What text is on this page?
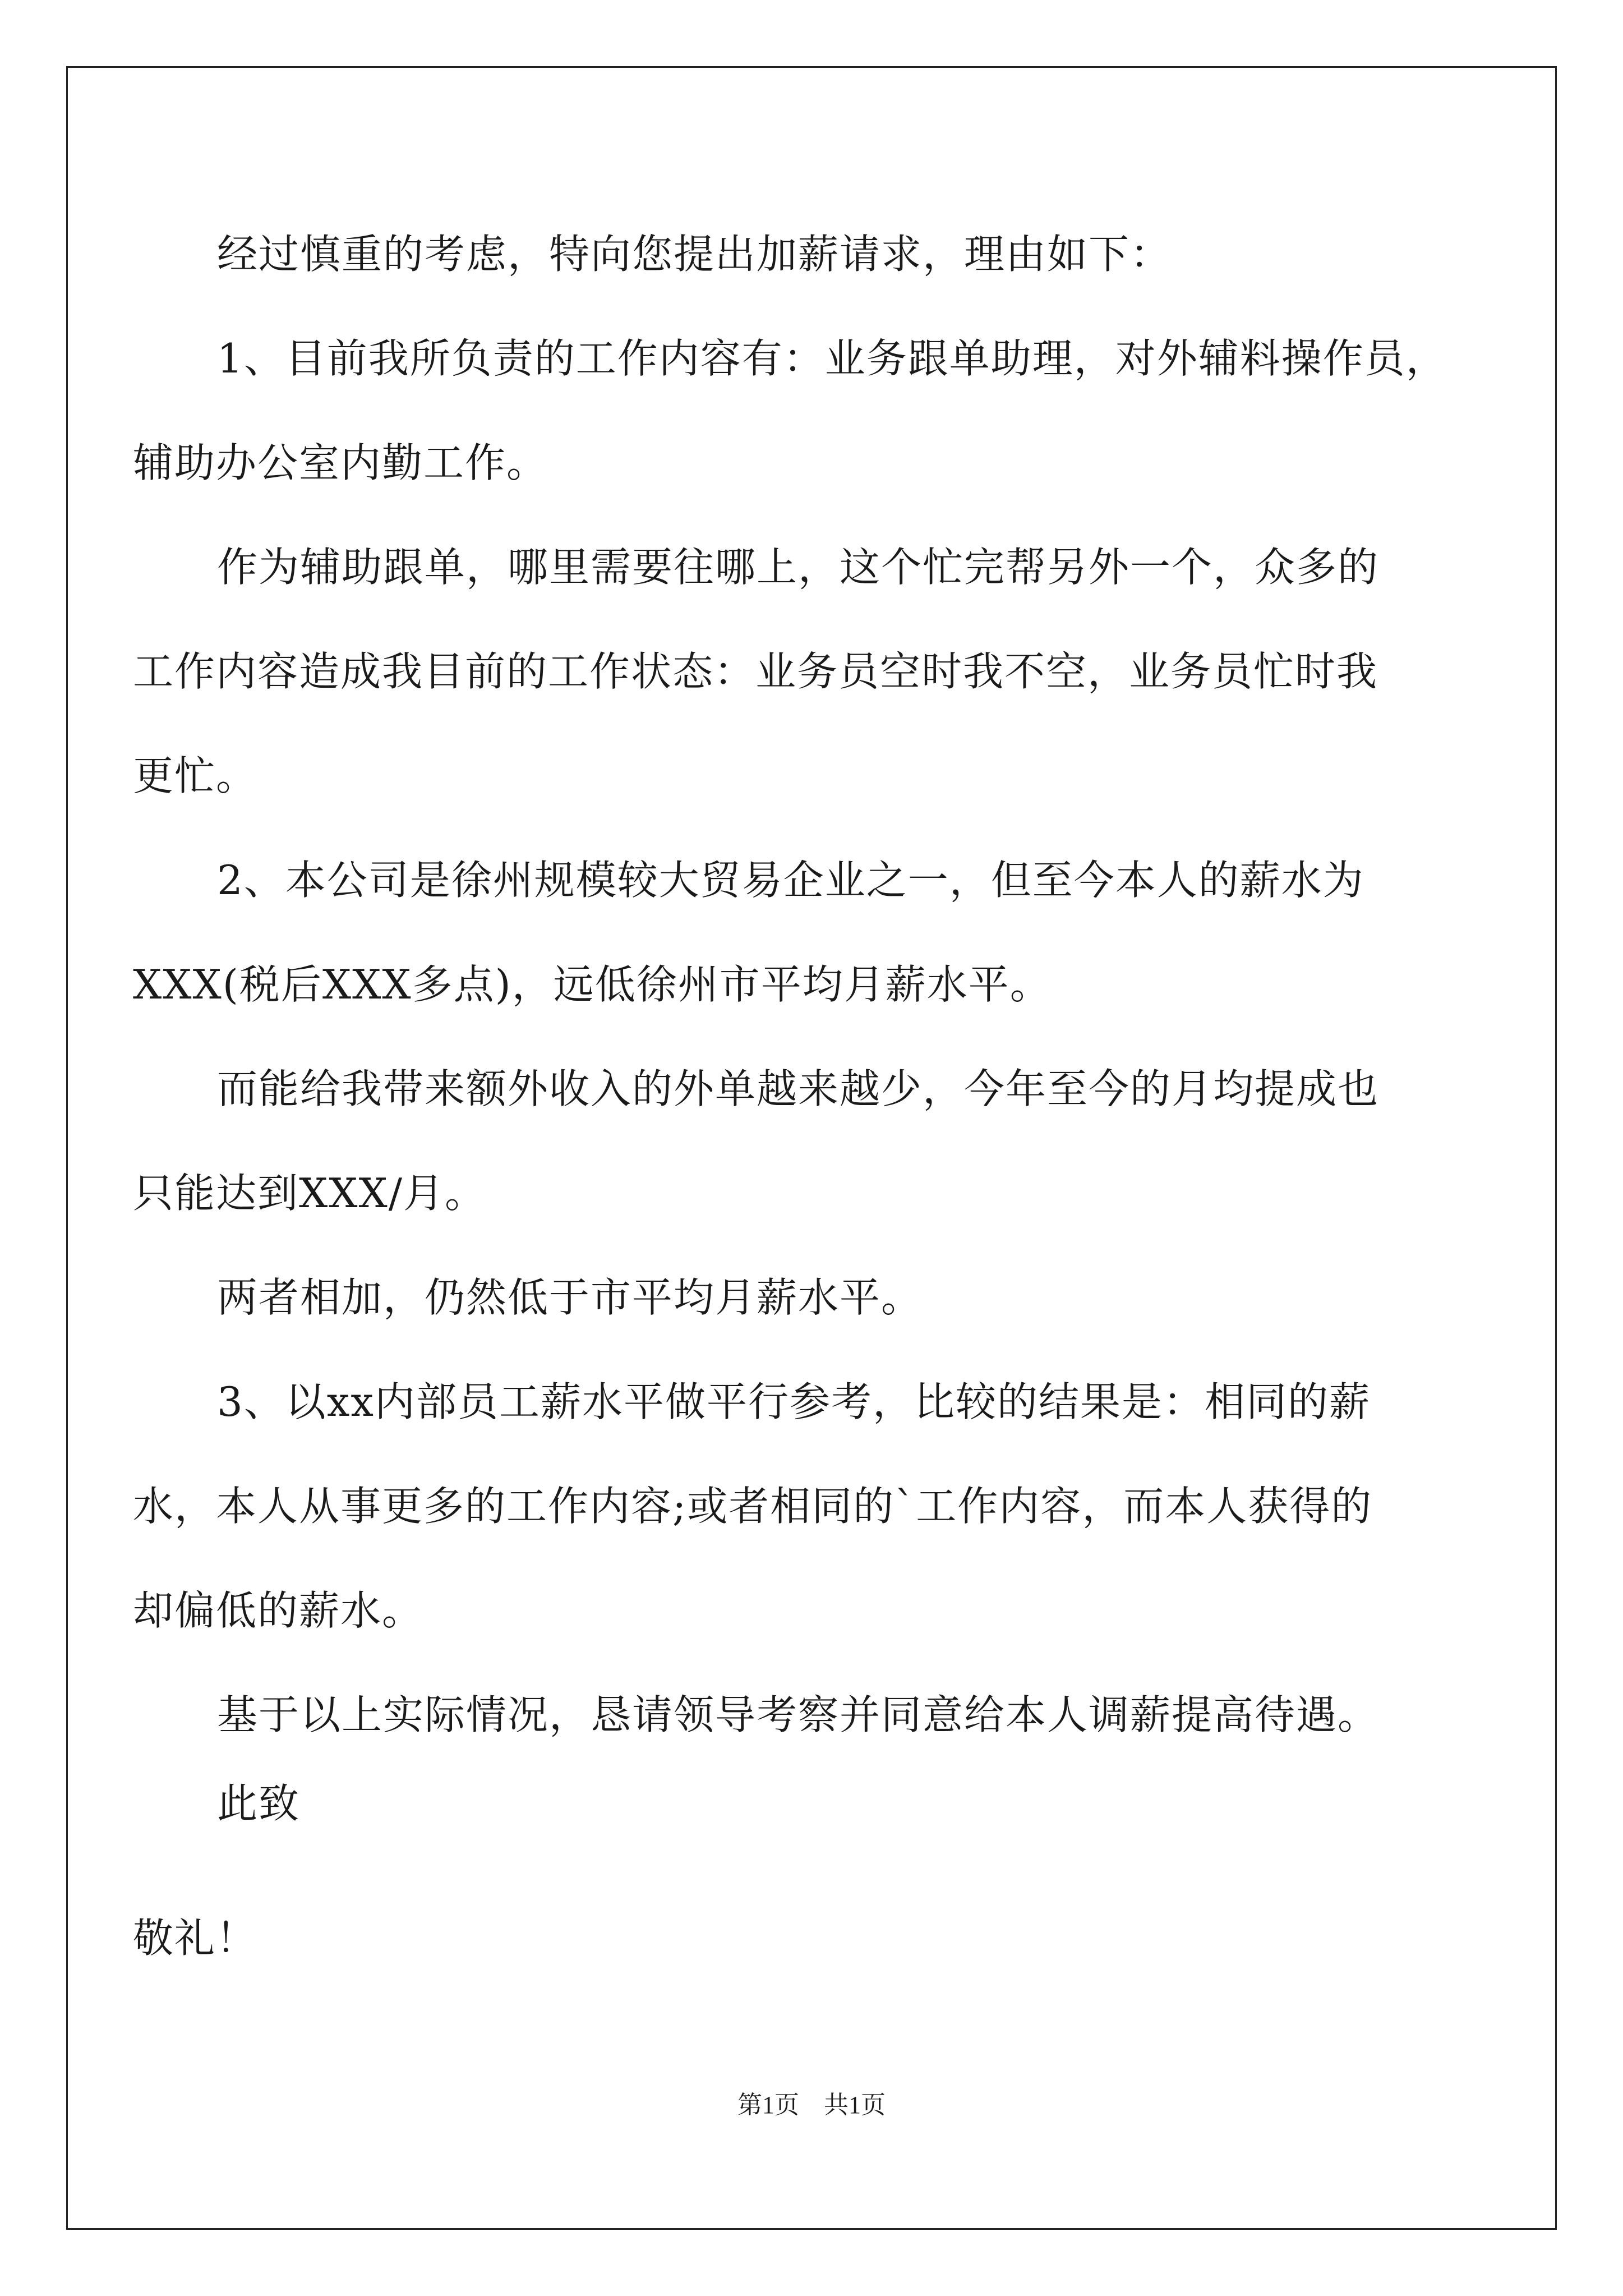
经过慎重的考虑，特向您提出加薪请求，理由如下：
1、目前我所负责的工作内容有：业务跟单助理，对外辅料操作员，
辅助办公室内勤工作。
作为辅助跟单，哪里需要往哪上，这个忙完帮另外一个，众多的
工作内容造成我目前的工作状态：业务员空时我不空，业务员忙时我
更忙。
2、本公司是徐州规模较大贸易企业之一，但至今本人的薪水为
XXX(税后XXX多点)，远低徐州市平均月薪水平。
而能给我带来额外收入的外单越来越少，今年至今的月均提成也
只能达到XXX/月。
两者相加，仍然低于市平均月薪水平。
3、以xx内部员工薪水平做平行参考，比较的结果是：相同的薪
水，本人从事更多的工作内容;或者相同的`工作内容，而本人获得的
却偏低的薪水。
基于以上实际情况，恳请领导考察并同意给本人调薪提高待遇。
此致
敬礼！
第1页　共1页
